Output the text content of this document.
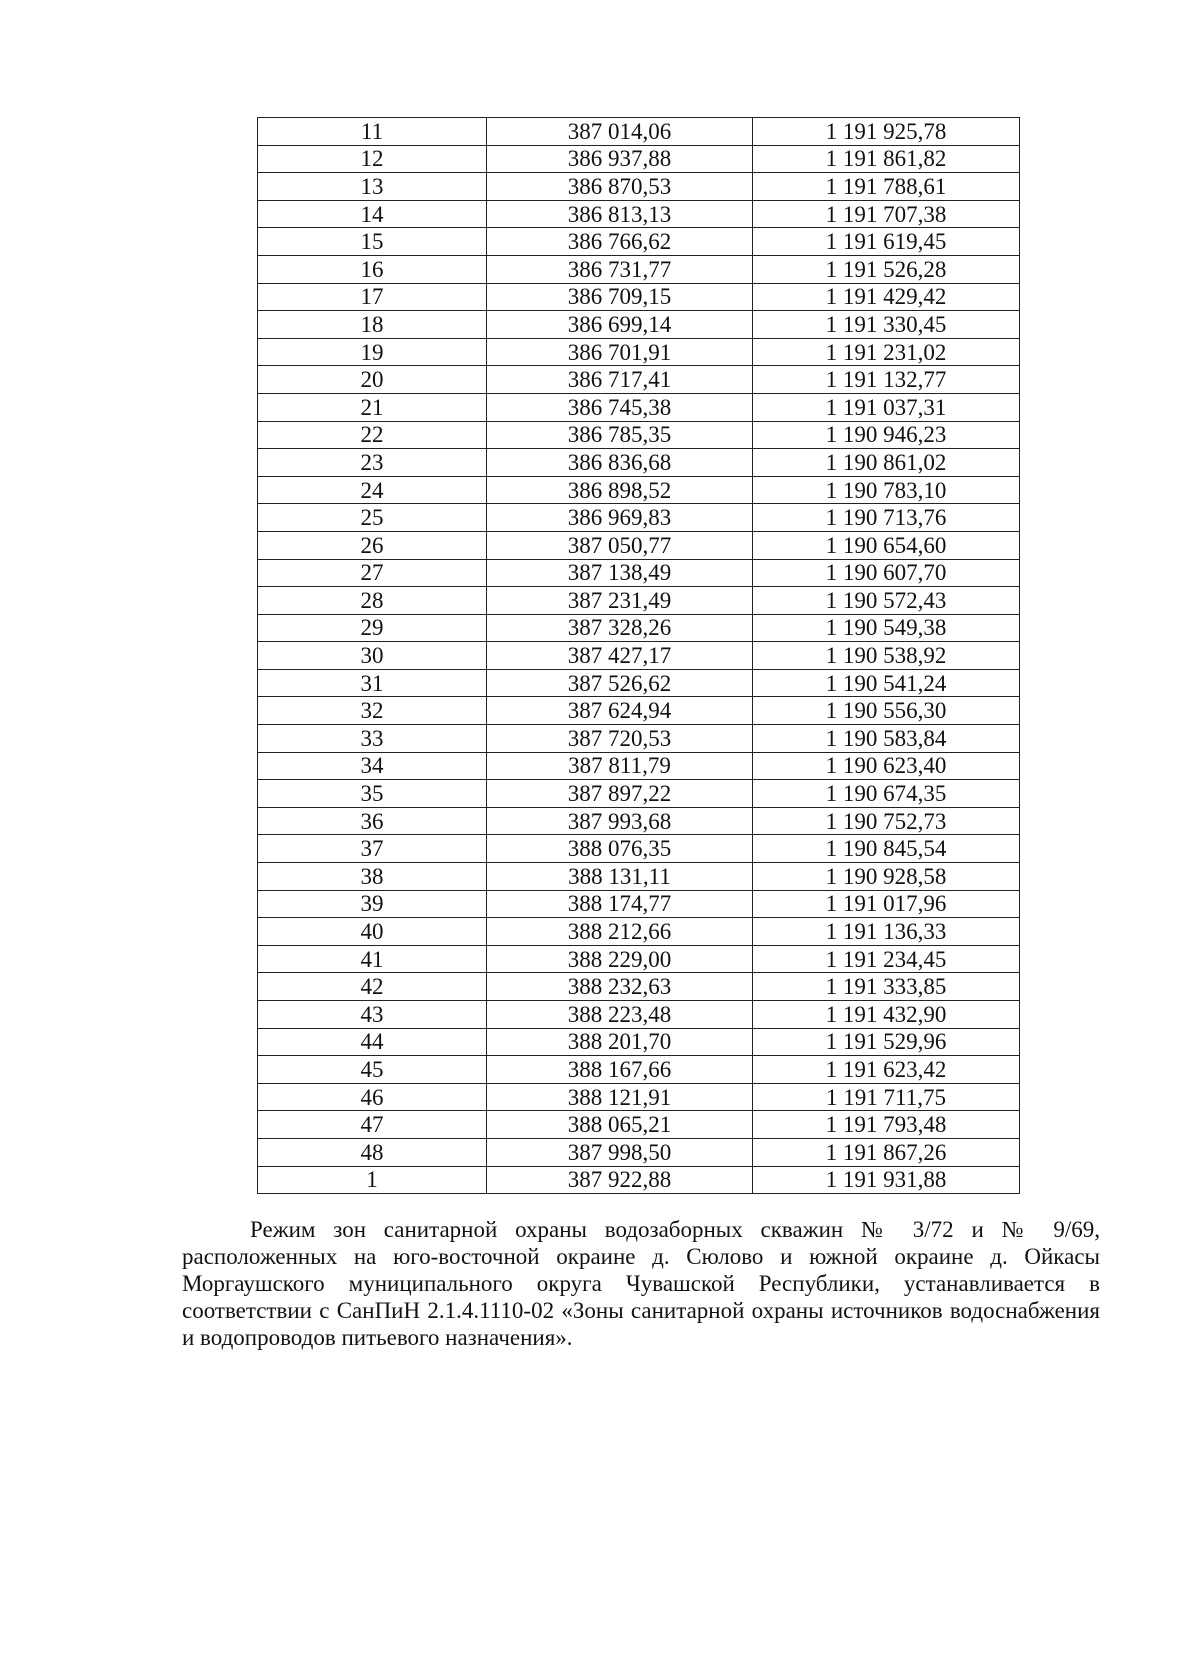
11	387 014,06	1 191 925,78
12	386 937,88	1 191 861,82
13	386 870,53	1 191 788,61
14	386 813,13	1 191 707,38
15	386 766,62	1 191 619,45
16	386 731,77	1 191 526,28
17	386 709,15	1 191 429,42
18	386 699,14	1 191 330,45
19	386 701,91	1 191 231,02
20	386 717,41	1 191 132,77
21	386 745,38	1 191 037,31
22	386 785,35	1 190 946,23
23	386 836,68	1 190 861,02
24	386 898,52	1 190 783,10
25	386 969,83	1 190 713,76
26	387 050,77	1 190 654,60
27	387 138,49	1 190 607,70
28	387 231,49	1 190 572,43
29	387 328,26	1 190 549,38
30	387 427,17	1 190 538,92
31	387 526,62	1 190 541,24
32	387 624,94	1 190 556,30
33	387 720,53	1 190 583,84
34	387 811,79	1 190 623,40
35	387 897,22	1 190 674,35
36	387 993,68	1 190 752,73
37	388 076,35	1 190 845,54
38	388 131,11	1 190 928,58
39	388 174,77	1 191 017,96
40	388 212,66	1 191 136,33
41	388 229,00	1 191 234,45
42	388 232,63	1 191 333,85
43	388 223,48	1 191 432,90
44	388 201,70	1 191 529,96
45	388 167,66	1 191 623,42
46	388 121,91	1 191 711,75
47	388 065,21	1 191 793,48
48	387 998,50	1 191 867,26
1	387 922,88	1 191 931,88

Режим зон санитарной охраны водозаборных скважин № 3/72 и № 9/69, расположенных на юго-восточной окраине д. Сюлово и южной окраине д. Ойкасы Моргаушского муниципального округа Чувашской Республики, устанавливается в соответствии с СанПиН 2.1.4.1110-02 «Зоны санитарной охраны источников водоснабжения и водопроводов питьевого назначения».
